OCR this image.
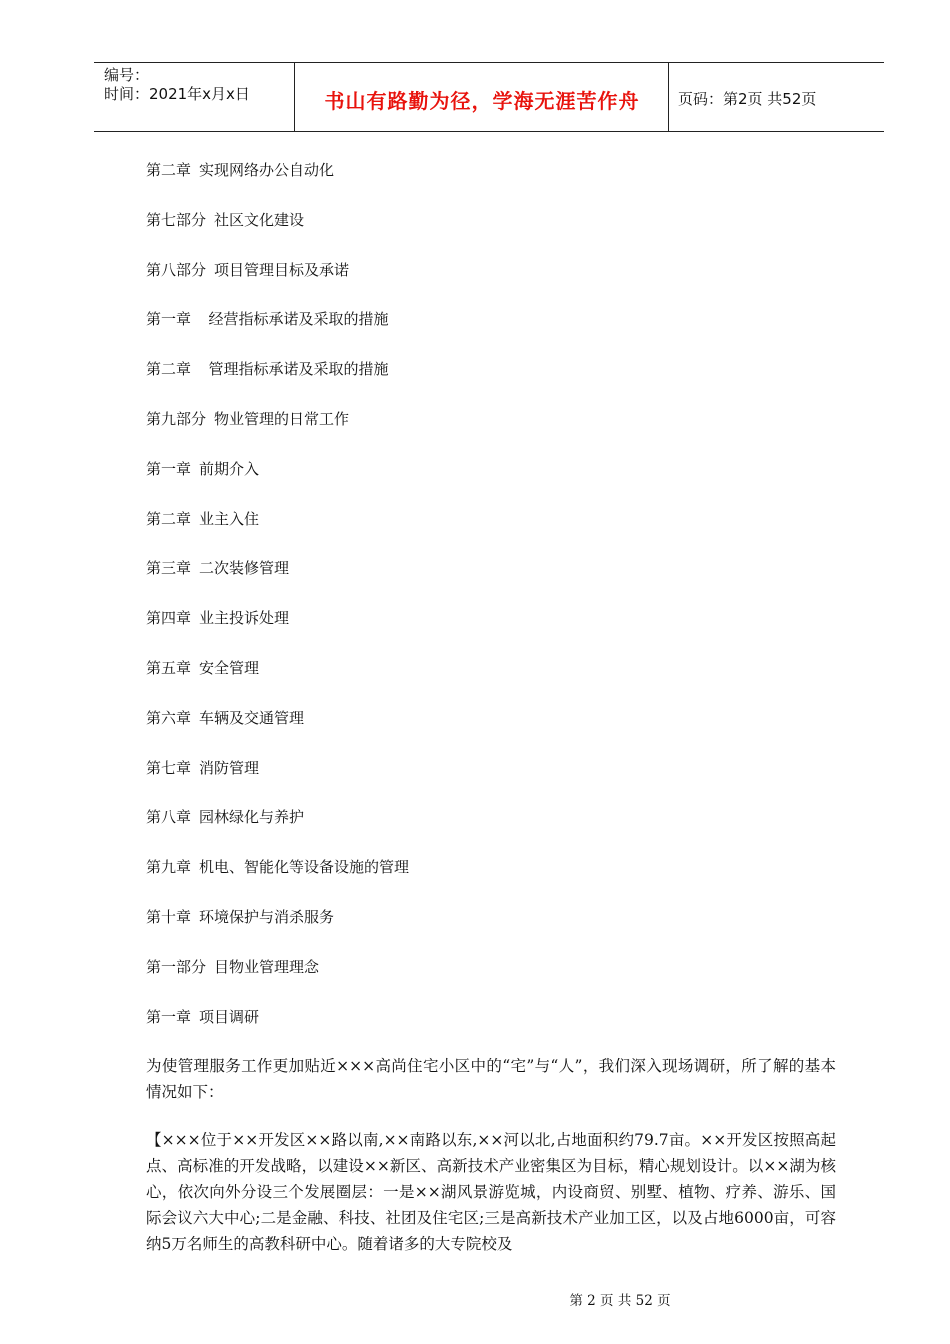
编号：
时间：2021年x月x日	书山有路勤为径，学海无涯苦作舟	页码：第2页 共52页
第二章 实现网络办公自动化
第七部分 社区文化建设
第八部分 项目管理目标及承诺
第一章  经营指标承诺及采取的措施
第二章  管理指标承诺及采取的措施
第九部分 物业管理的日常工作
第一章 前期介入
第二章 业主入住
第三章 二次装修管理
第四章 业主投诉处理
第五章 安全管理
第六章 车辆及交通管理
第七章 消防管理
第八章 园林绿化与养护
第九章 机电、智能化等设备设施的管理
第十章 环境保护与消杀服务
第一部分 目物业管理理念
第一章 项目调研

为使管理服务工作更加贴近×××高尚住宅小区中的“宅”与“人”，我们深入现场调研，所了解的基本情况如下：

【×××位于××开发区××路以南,××南路以东,××河以北,占地面积约79.7亩。××开发区按照高起点、高标准的开发战略，以建设××新区、高新技术产业密集区为目标，精心规划设计。以××湖为核心，依次向外分设三个发展圈层：一是××湖风景游览城，内设商贸、别墅、植物、疗养、游乐、国际会议六大中心;二是金融、科技、社团及住宅区;三是高新技术产业加工区，以及占地6000亩，可容纳5万名师生的高教科研中心。随着诸多的大专院校及

第 2 页 共 52 页
